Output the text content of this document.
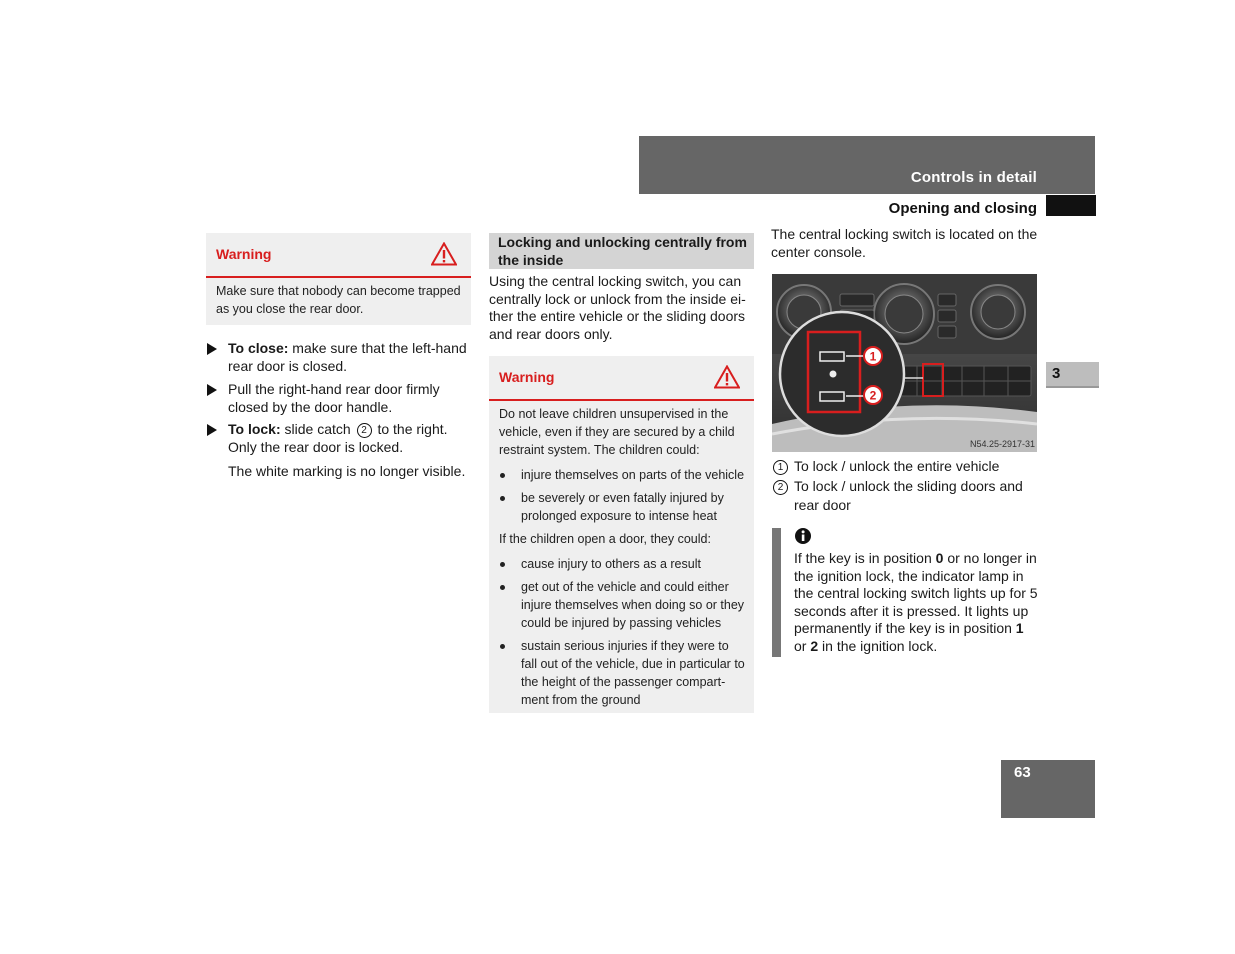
Controls in detail
Opening and closing
3
63
Warning
Make sure that nobody can become trapped as you close the rear door.
To close: make sure that the left-hand rear door is closed.
Pull the right-hand rear door firmly closed by the door handle.
To lock: slide catch 2 to the right. Only the rear door is locked.
The white marking is no longer visible.
Locking and unlocking centrally from the inside
Using the central locking switch, you can centrally lock or unlock from the inside ei-ther the entire vehicle or the sliding doors and rear doors only.
Warning
Do not leave children unsupervised in the vehicle, even if they are secured by a child restraint system. The children could:
injure themselves on parts of the vehicle
be severely or even fatally injured by prolonged exposure to intense heat
If the children open a door, they could:
cause injury to others as a result
get out of the vehicle and could either injure themselves when doing so or they could be injured by passing vehicles
sustain serious injuries if they were to fall out of the vehicle, due in particular to the height of the passenger compart-ment from the ground
The central locking switch is located on the center console.
1
2
N54.25-2917-31
1 To lock / unlock the entire vehicle
2 To lock / unlock the sliding doors and rear door
If the key is in position 0 or no longer in the ignition lock, the indicator lamp in the central locking switch lights up for 5 seconds after it is pressed. It lights up permanently if the key is in position 1 or 2 in the ignition lock.
